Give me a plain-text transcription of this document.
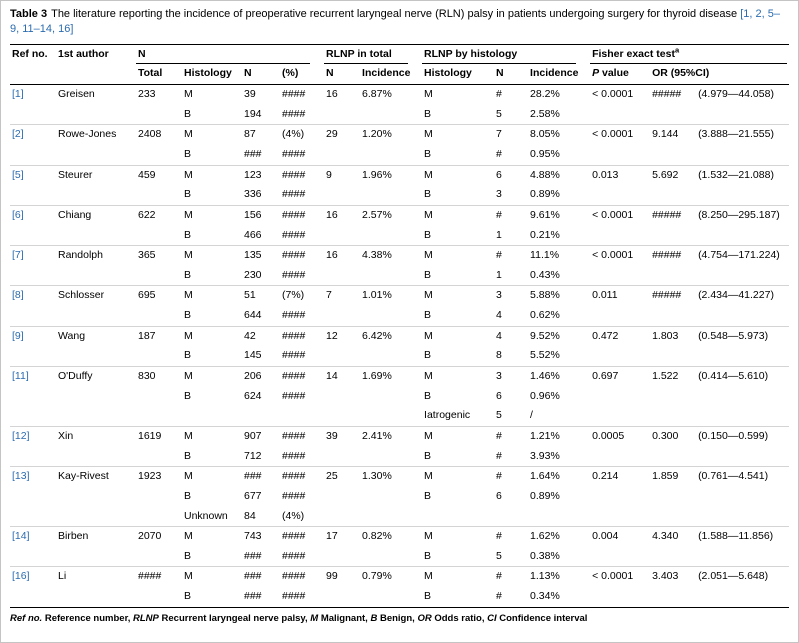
Table 3 The literature reporting the incidence of preoperative recurrent laryngeal nerve (RLN) palsy in patients undergoing surgery for thyroid disease [1, 2, 5–9, 11–14, 16]

Ref no.	1st author	N				RLNP in total		RLNP by histology			Fisher exact test$^a$
		Total	Histology	N	(%)	N	Incidence	Histology	N	Incidence	P value	OR (95%CI)	
[1]	Greisen	233	M	39	####	16	6.87%	M	#	28.2%	< 0.0001	#####	(4.979—44.058)
			B	194	####			B	5	2.58%			
[2]	Rowe-Jones	2408	M	87	(4%)	29	1.20%	M	7	8.05%	< 0.0001	9.144	(3.888—21.555)
			B	###	####			B	#	0.95%			
[5]	Steurer	459	M	123	####	9	1.96%	M	6	4.88%	0.013	5.692	(1.532—21.088)
			B	336	####			B	3	0.89%			
[6]	Chiang	622	M	156	####	16	2.57%	M	#	9.61%	< 0.0001	#####	(8.250—295.187)
			B	466	####			B	1	0.21%			
[7]	Randolph	365	M	135	####	16	4.38%	M	#	11.1%	< 0.0001	#####	(4.754—171.224)
			B	230	####			B	1	0.43%			
[8]	Schlosser	695	M	51	(7%)	7	1.01%	M	3	5.88%	0.011	#####	(2.434—41.227)
			B	644	####			B	4	0.62%			
[9]	Wang	187	M	42	####	12	6.42%	M	4	9.52%	0.472	1.803	(0.548—5.973)
			B	145	####			B	8	5.52%			
[11]	O'Duffy	830	M	206	####	14	1.69%	M	3	1.46%	0.697	1.522	(0.414—5.610)
			B	624	####			B	6	0.96%			
								Iatrogenic	5	/			
[12]	Xin	1619	M	907	####	39	2.41%	M	#	1.21%	0.0005	0.300	(0.150—0.599)
			B	712	####			B	#	3.93%			
[13]	Kay-Rivest	1923	M	###	####	25	1.30%	M	#	1.64%	0.214	1.859	(0.761—4.541)
			B	677	####			B	6	0.89%			
			Unknown	84	(4%)								
[14]	Birben	2070	M	743	####	17	0.82%	M	#	1.62%	0.004	4.340	(1.588—11.856)
			B	###	####			B	5	0.38%			
[16]	Li	####	M	###	####	99	0.79%	M	#	1.13%	< 0.0001	3.403	(2.051—5.648)
			B	###	####			B	#	0.34%			

Ref no. Reference number, RLNP Recurrent laryngeal nerve palsy, M Malignant, B Benign, OR Odds ratio, CI Confidence interval
